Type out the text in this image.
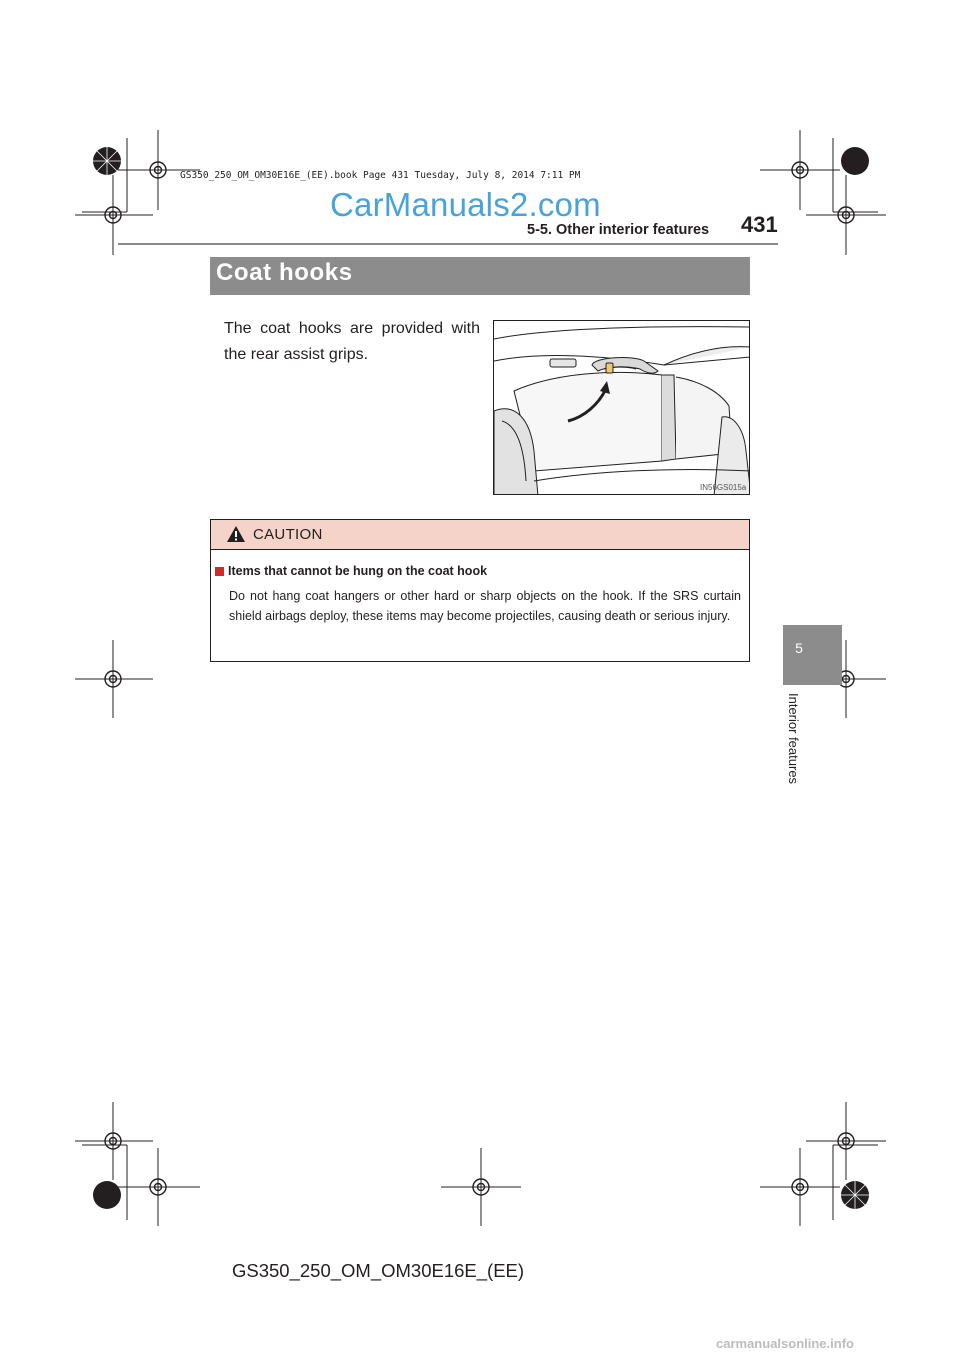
GS350_250_OM_OM30E16E_(EE).book Page 431 Tuesday, July 8, 2014 7:11 PM
CarManuals2.com
5-5. Other interior features 431
Coat hooks
The coat hooks are provided with the rear assist grips.
IN56GS015a
CAUTION
Items that cannot be hung on the coat hook
Do not hang coat hangers or other hard or sharp objects on the hook. If the SRS curtain shield airbags deploy, these items may become projectiles, causing death or serious injury.
5
Interior features
GS350_250_OM_OM30E16E_(EE)
carmanualsonline.info
